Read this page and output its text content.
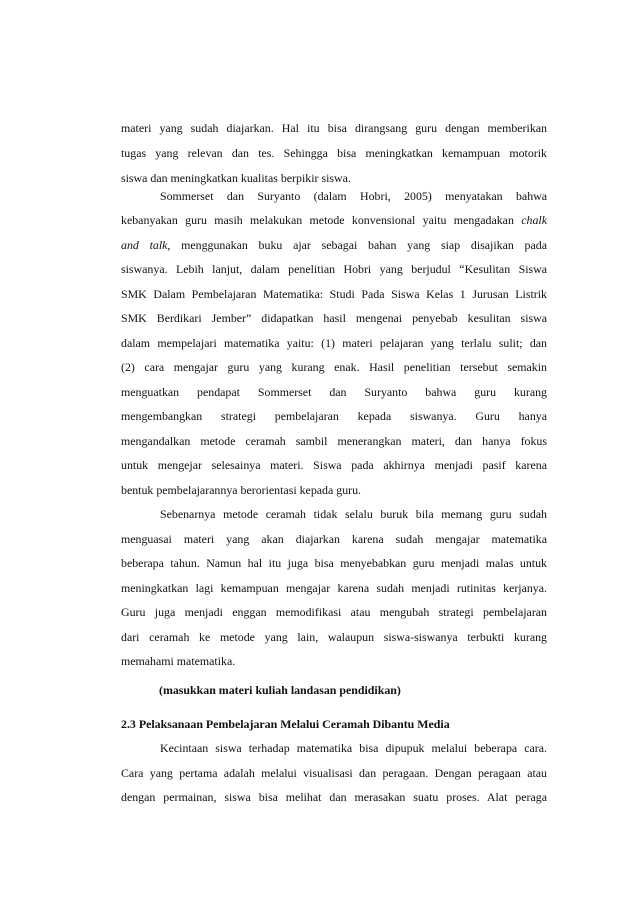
materi yang sudah diajarkan. Hal itu bisa dirangsang guru dengan memberikan
tugas yang relevan dan tes. Sehingga bisa meningkatkan kemampuan motorik
siswa dan meningkatkan kualitas berpikir siswa.
Sommerset dan Suryanto (dalam Hobri, 2005) menyatakan bahwa
kebanyakan guru masih melakukan metode konvensional yaitu mengadakan chalk
and talk, menggunakan buku ajar sebagai bahan yang siap disajikan pada
siswanya. Lebih lanjut, dalam penelitian Hobri yang berjudul “Kesulitan Siswa
SMK Dalam Pembelajaran Matematika: Studi Pada Siswa Kelas 1 Jurusan Listrik
SMK Berdikari Jember” didapatkan hasil mengenai penyebab kesulitan siswa
dalam mempelajari matematika yaitu: (1) materi pelajaran yang terlalu sulit; dan
(2) cara mengajar guru yang kurang enak. Hasil penelitian tersebut semakin
menguatkan pendapat Sommerset dan Suryanto bahwa guru kurang
mengembangkan strategi pembelajaran kepada siswanya. Guru hanya
mengandalkan metode ceramah sambil menerangkan materi, dan hanya fokus
untuk mengejar selesainya materi. Siswa pada akhirnya menjadi pasif karena
bentuk pembelajarannya berorientasi kepada guru.
Sebenarnya metode ceramah tidak selalu buruk bila memang guru sudah
menguasai materi yang akan diajarkan karena sudah mengajar matematika
beberapa tahun. Namun hal itu juga bisa menyebabkan guru menjadi malas untuk
meningkatkan lagi kemampuan mengajar karena sudah menjadi rutinitas kerjanya.
Guru juga menjadi enggan memodifikasi atau mengubah strategi pembelajaran
dari ceramah ke metode yang lain, walaupun siswa-siswanya terbukti kurang
memahami matematika.
(masukkan materi kuliah landasan pendidikan)
2.3 Pelaksanaan Pembelajaran Melalui Ceramah Dibantu Media
Kecintaan siswa terhadap matematika bisa dipupuk melalui beberapa cara.
Cara yang pertama adalah melalui visualisasi dan peragaan. Dengan peragaan atau
dengan permainan, siswa bisa melihat dan merasakan suatu proses. Alat peraga
